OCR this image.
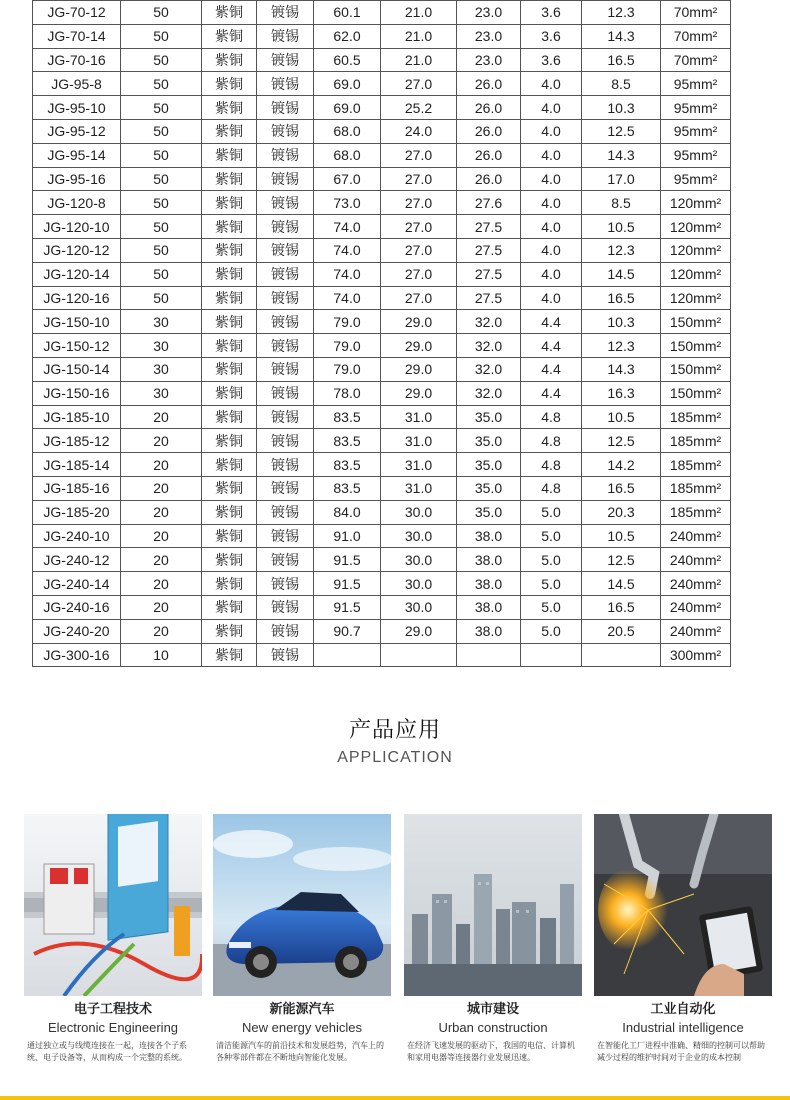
JG-70-12	50	紫铜	镀锡	60.1	21.0	23.0	3.6	12.3	70mm²
JG-70-14	50	紫铜	镀锡	62.0	21.0	23.0	3.6	14.3	70mm²
JG-70-16	50	紫铜	镀锡	60.5	21.0	23.0	3.6	16.5	70mm²
JG-95-8	50	紫铜	镀锡	69.0	27.0	26.0	4.0	8.5	95mm²
JG-95-10	50	紫铜	镀锡	69.0	25.2	26.0	4.0	10.3	95mm²
JG-95-12	50	紫铜	镀锡	68.0	24.0	26.0	4.0	12.5	95mm²
JG-95-14	50	紫铜	镀锡	68.0	27.0	26.0	4.0	14.3	95mm²
JG-95-16	50	紫铜	镀锡	67.0	27.0	26.0	4.0	17.0	95mm²
JG-120-8	50	紫铜	镀锡	73.0	27.0	27.6	4.0	8.5	120mm²
JG-120-10	50	紫铜	镀锡	74.0	27.0	27.5	4.0	10.5	120mm²
JG-120-12	50	紫铜	镀锡	74.0	27.0	27.5	4.0	12.3	120mm²
JG-120-14	50	紫铜	镀锡	74.0	27.0	27.5	4.0	14.5	120mm²
JG-120-16	50	紫铜	镀锡	74.0	27.0	27.5	4.0	16.5	120mm²
JG-150-10	30	紫铜	镀锡	79.0	29.0	32.0	4.4	10.3	150mm²
JG-150-12	30	紫铜	镀锡	79.0	29.0	32.0	4.4	12.3	150mm²
JG-150-14	30	紫铜	镀锡	79.0	29.0	32.0	4.4	14.3	150mm²
JG-150-16	30	紫铜	镀锡	78.0	29.0	32.0	4.4	16.3	150mm²
JG-185-10	20	紫铜	镀锡	83.5	31.0	35.0	4.8	10.5	185mm²
JG-185-12	20	紫铜	镀锡	83.5	31.0	35.0	4.8	12.5	185mm²
JG-185-14	20	紫铜	镀锡	83.5	31.0	35.0	4.8	14.2	185mm²
JG-185-16	20	紫铜	镀锡	83.5	31.0	35.0	4.8	16.5	185mm²
JG-185-20	20	紫铜	镀锡	84.0	30.0	35.0	5.0	20.3	185mm²
JG-240-10	20	紫铜	镀锡	91.0	30.0	38.0	5.0	10.5	240mm²
JG-240-12	20	紫铜	镀锡	91.5	30.0	38.0	5.0	12.5	240mm²
JG-240-14	20	紫铜	镀锡	91.5	30.0	38.0	5.0	14.5	240mm²
JG-240-16	20	紫铜	镀锡	91.5	30.0	38.0	5.0	16.5	240mm²
JG-240-20	20	紫铜	镀锡	90.7	29.0	38.0	5.0	20.5	240mm²
JG-300-16	10	紫铜	镀锡						300mm²
产品应用
APPLICATION
电子工程技术
Electronic Engineering
通过独立或与线缆连接在一起，连接各个子系统、电子设备等，从而构成一个完整的系统。
新能源汽车
New energy vehicles
清洁能源汽车的前沿技术和发展趋势，汽车上的各种零部件都在不断地向智能化发展。
城市建设
Urban construction
在经济飞速发展的驱动下，我国的电信、计算机和家用电器等连接器行业发展迅速。
工业自动化
Industrial intelligence
在智能化工厂进程中准确、精细的控制可以帮助减少过程的维护时间对于企业的成本控制
